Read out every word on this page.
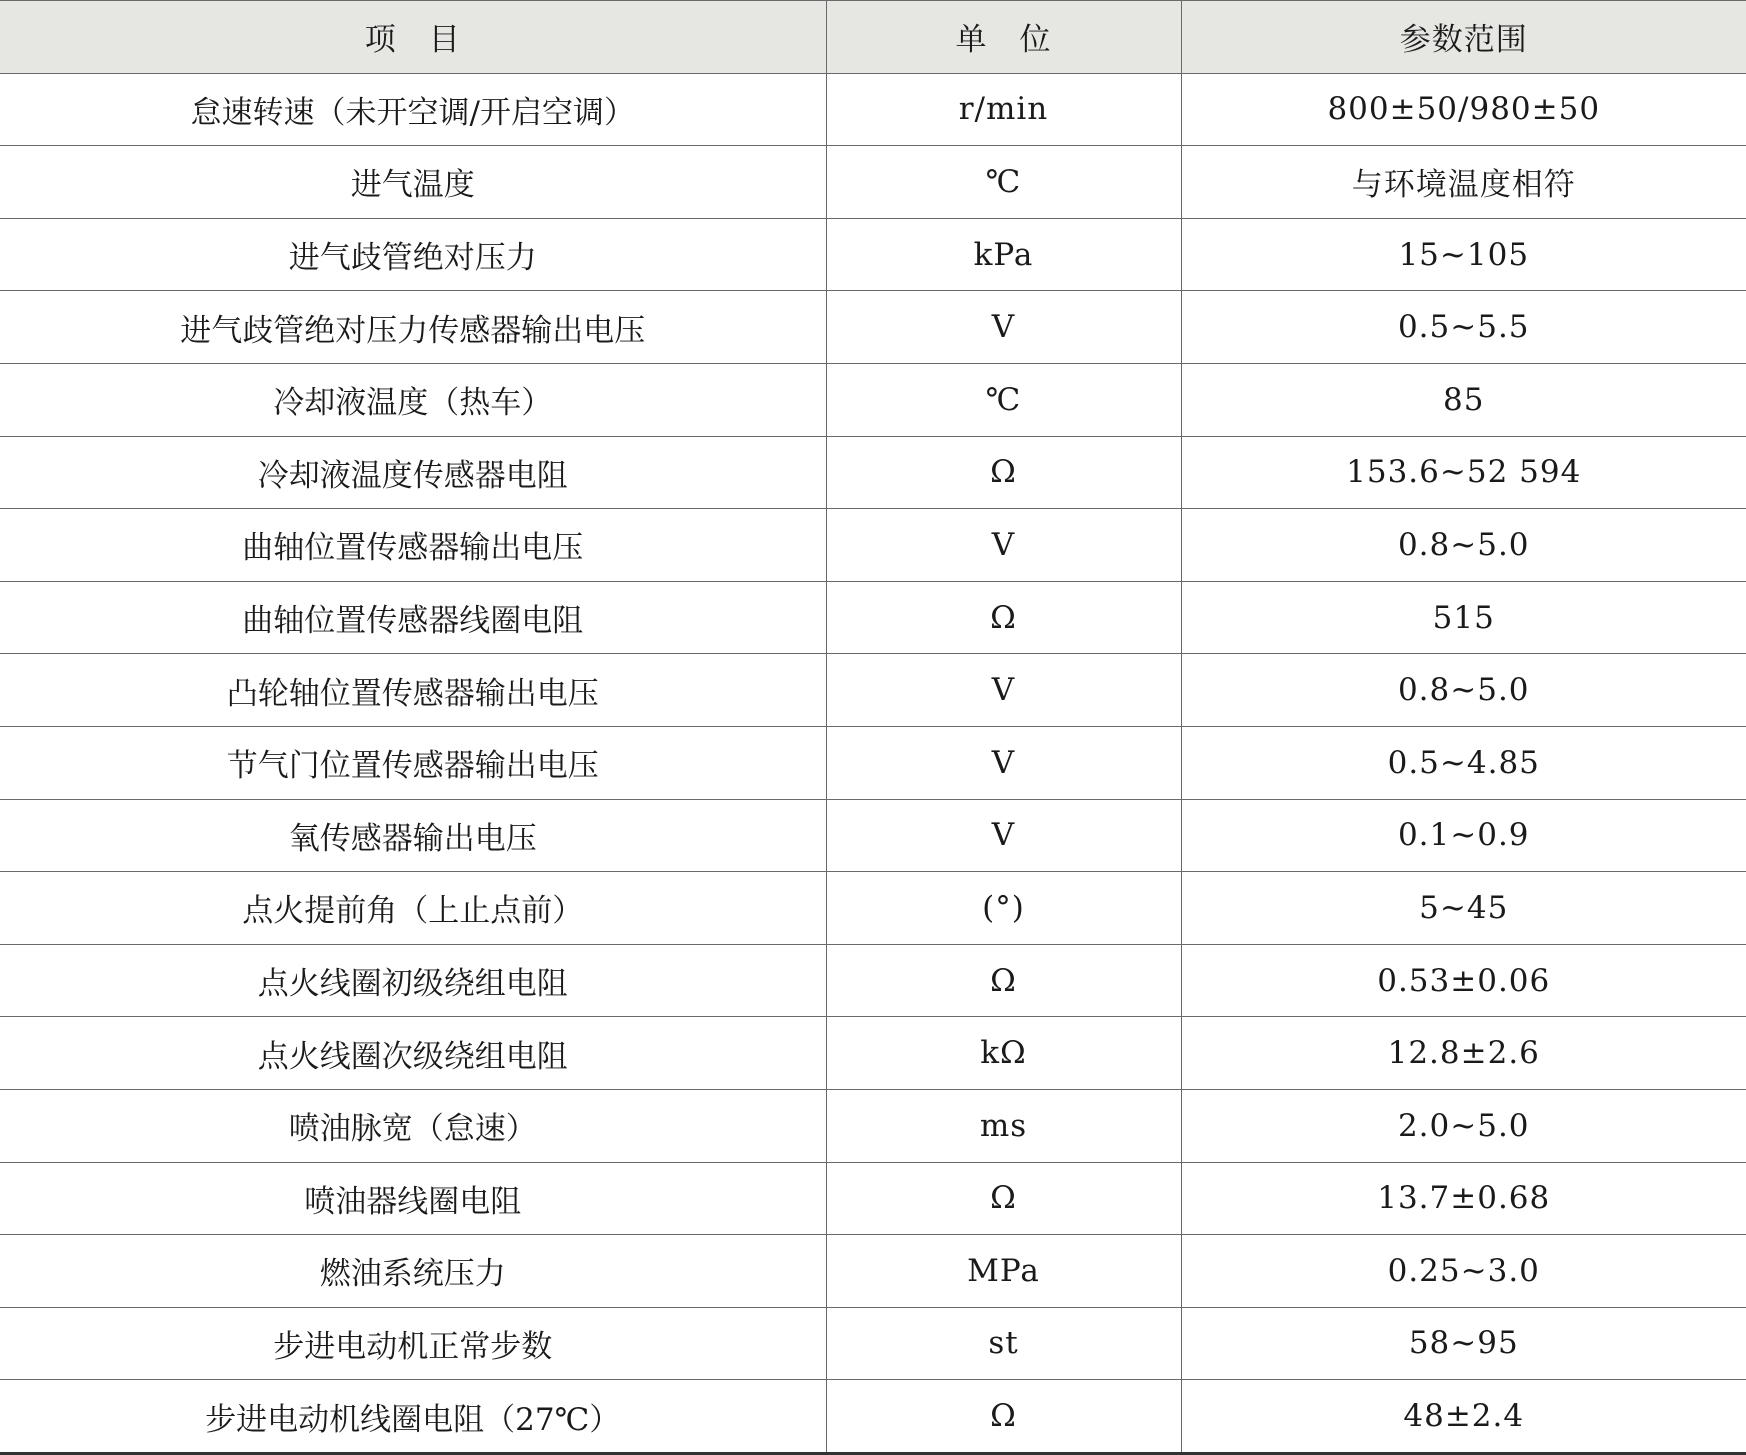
项　目	单　位	参数范围
怠速转速（未开空调/开启空调）	r/min	800±50/980±50
进气温度	℃	与环境温度相符
进气歧管绝对压力	kPa	15~105
进气歧管绝对压力传感器输出电压	V	0.5~5.5
冷却液温度（热车）	℃	85
冷却液温度传感器电阻	Ω	153.6~52 594
曲轴位置传感器输出电压	V	0.8~5.0
曲轴位置传感器线圈电阻	Ω	515
凸轮轴位置传感器输出电压	V	0.8~5.0
节气门位置传感器输出电压	V	0.5~4.85
氧传感器输出电压	V	0.1~0.9
点火提前角（上止点前）	(°)	5~45
点火线圈初级绕组电阻	Ω	0.53±0.06
点火线圈次级绕组电阻	kΩ	12.8±2.6
喷油脉宽（怠速）	ms	2.0~5.0
喷油器线圈电阻	Ω	13.7±0.68
燃油系统压力	MPa	0.25~3.0
步进电动机正常步数	st	58~95
步进电动机线圈电阻（27℃）	Ω	48±2.4
